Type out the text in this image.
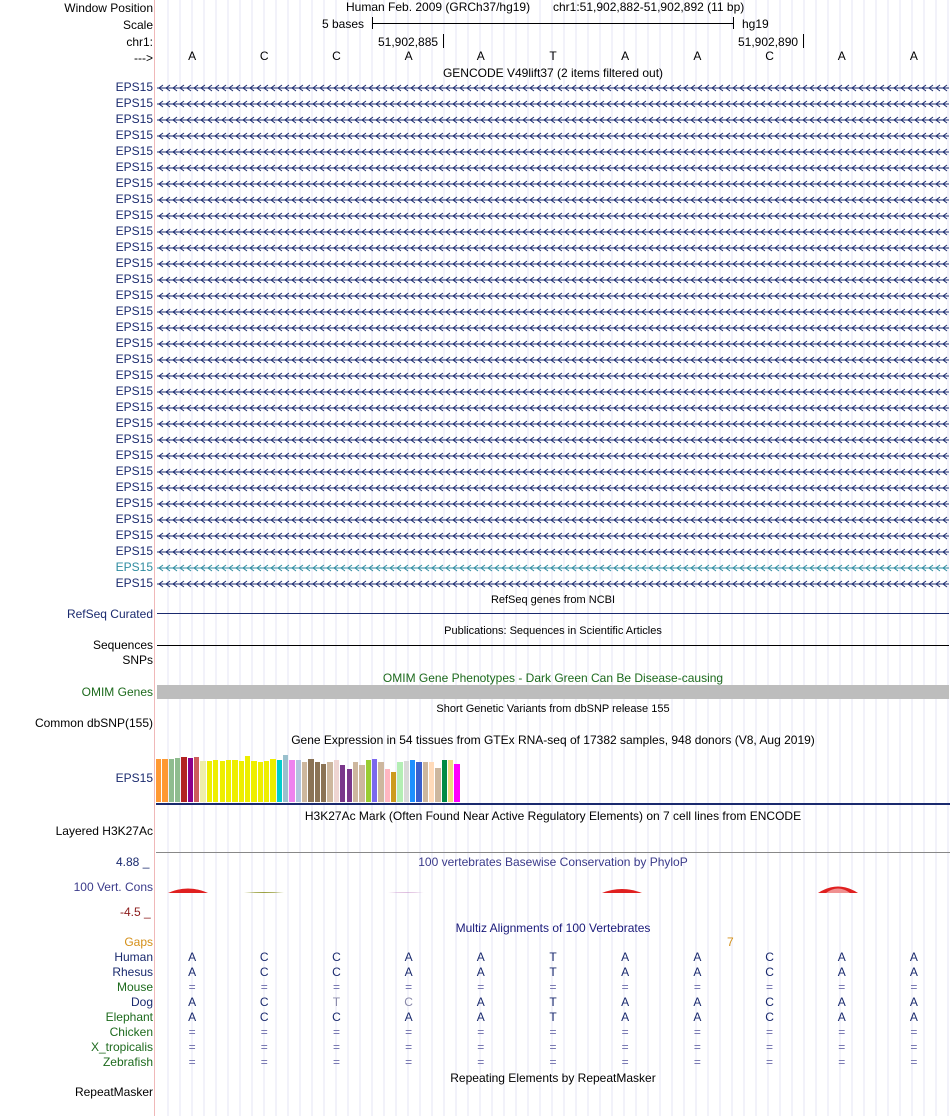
Window Position
Scale
chr1:
--->
Human Feb. 2009 (GRCh37/hg19) chr1:51,902,882-51,902,892 (11 bp)
5 bases	hg19
51,902,885	51,902,890
A	C	C	A	A	T	A	A	C	A	A
GENCODE V49lift37 (2 items filtered out)
EPS15
EPS15
EPS15
EPS15
EPS15
EPS15
EPS15
EPS15
EPS15
EPS15
EPS15
EPS15
EPS15
EPS15
EPS15
EPS15
EPS15
EPS15
EPS15
EPS15
EPS15
EPS15
EPS15
EPS15
EPS15
EPS15
EPS15
EPS15
EPS15
EPS15
EPS15
EPS15
RefSeq Curated
RefSeq genes from NCBI
Publications: Sequences in Scientific Articles
Sequences
SNPs
OMIM Gene Phenotypes - Dark Green Can Be Disease-causing
OMIM Genes
Short Genetic Variants from dbSNP release 155
Common dbSNP(155)
Gene Expression in 54 tissues from GTEx RNA-seq of 17382 samples, 948 donors (V8, Aug 2019)
EPS15
H3K27Ac Mark (Often Found Near Active Regulatory Elements) on 7 cell lines from ENCODE
Layered H3K27Ac
4.88 _	100 vertebrates Basewise Conservation by PhyloP
100 Vert. Cons
-4.5 _
Multiz Alignments of 100 Vertebrates
Gaps	7
Human	A	C	C	A	A	T	A	A	C	A	A
Rhesus	A	C	C	A	A	T	A	A	C	A	A
Mouse	=	=	=	=	=	=	=	=	=	=	=
Dog	A	C	T	C	A	T	A	A	C	A	A
Elephant	A	C	C	A	A	T	A	A	C	A	A
Chicken	=	=	=	=	=	=	=	=	=	=	=
X_tropicalis	=	=	=	=	=	=	=	=	=	=	=
Zebrafish	=	=	=	=	=	=	=	=	=	=	=
Repeating Elements by RepeatMasker
RepeatMasker
